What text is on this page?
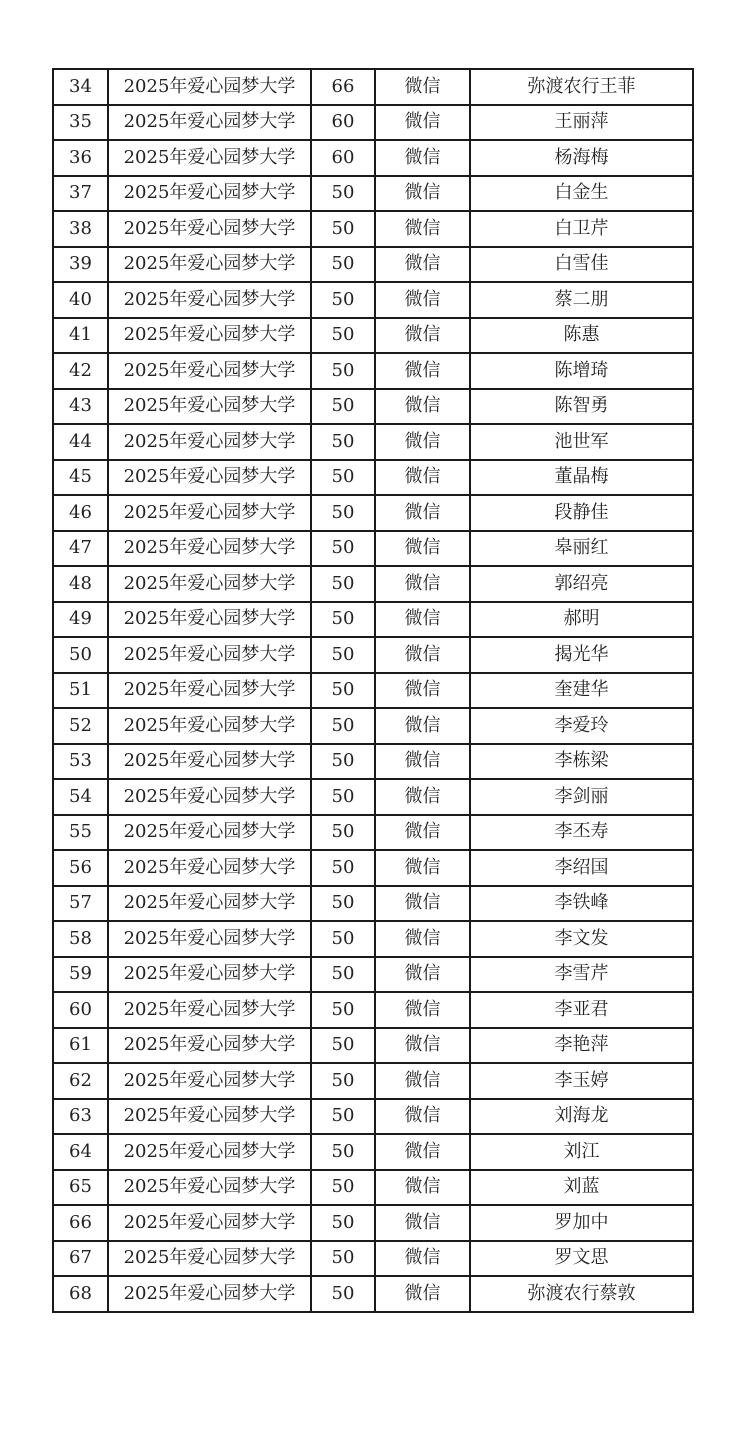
34	2025年爱心园梦大学	66	微信	弥渡农行王菲
35	2025年爱心园梦大学	60	微信	王丽萍
36	2025年爱心园梦大学	60	微信	杨海梅
37	2025年爱心园梦大学	50	微信	白金生
38	2025年爱心园梦大学	50	微信	白卫芹
39	2025年爱心园梦大学	50	微信	白雪佳
40	2025年爱心园梦大学	50	微信	蔡二朋
41	2025年爱心园梦大学	50	微信	陈惠
42	2025年爱心园梦大学	50	微信	陈增琦
43	2025年爱心园梦大学	50	微信	陈智勇
44	2025年爱心园梦大学	50	微信	池世军
45	2025年爱心园梦大学	50	微信	董晶梅
46	2025年爱心园梦大学	50	微信	段静佳
47	2025年爱心园梦大学	50	微信	皋丽红
48	2025年爱心园梦大学	50	微信	郭绍亮
49	2025年爱心园梦大学	50	微信	郝明
50	2025年爱心园梦大学	50	微信	揭光华
51	2025年爱心园梦大学	50	微信	奎建华
52	2025年爱心园梦大学	50	微信	李爱玲
53	2025年爱心园梦大学	50	微信	李栋梁
54	2025年爱心园梦大学	50	微信	李剑丽
55	2025年爱心园梦大学	50	微信	李丕寿
56	2025年爱心园梦大学	50	微信	李绍国
57	2025年爱心园梦大学	50	微信	李铁峰
58	2025年爱心园梦大学	50	微信	李文发
59	2025年爱心园梦大学	50	微信	李雪芹
60	2025年爱心园梦大学	50	微信	李亚君
61	2025年爱心园梦大学	50	微信	李艳萍
62	2025年爱心园梦大学	50	微信	李玉婷
63	2025年爱心园梦大学	50	微信	刘海龙
64	2025年爱心园梦大学	50	微信	刘江
65	2025年爱心园梦大学	50	微信	刘蓝
66	2025年爱心园梦大学	50	微信	罗加中
67	2025年爱心园梦大学	50	微信	罗文思
68	2025年爱心园梦大学	50	微信	弥渡农行蔡敦
